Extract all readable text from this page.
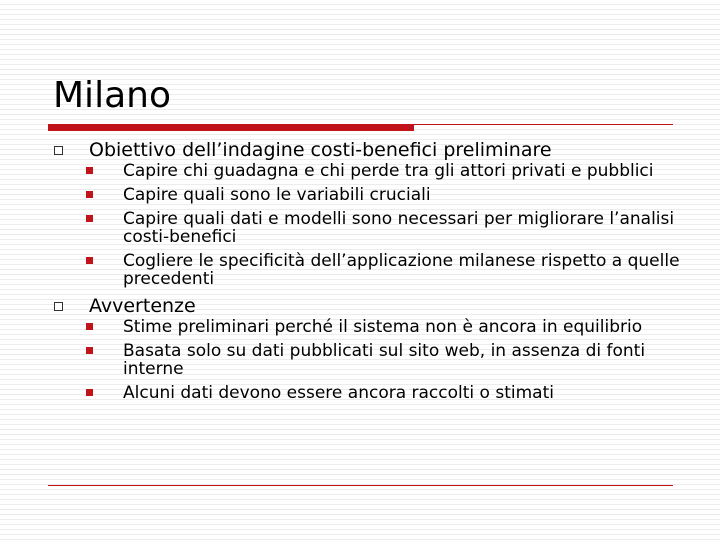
Milano
Obiettivo dell’indagine costi-benefici preliminare
Capire chi guadagna e chi perde tra gli attori privati e pubblici
Capire quali sono le variabili cruciali
Capire quali dati e modelli sono necessari per migliorare l’analisi costi-benefici
Cogliere le specificità dell’applicazione milanese rispetto a quelle precedenti
Avvertenze
Stime preliminari perché il sistema non è ancora in equilibrio
Basata solo su dati pubblicati sul sito web, in assenza di fonti interne
Alcuni dati devono essere ancora raccolti o stimati
